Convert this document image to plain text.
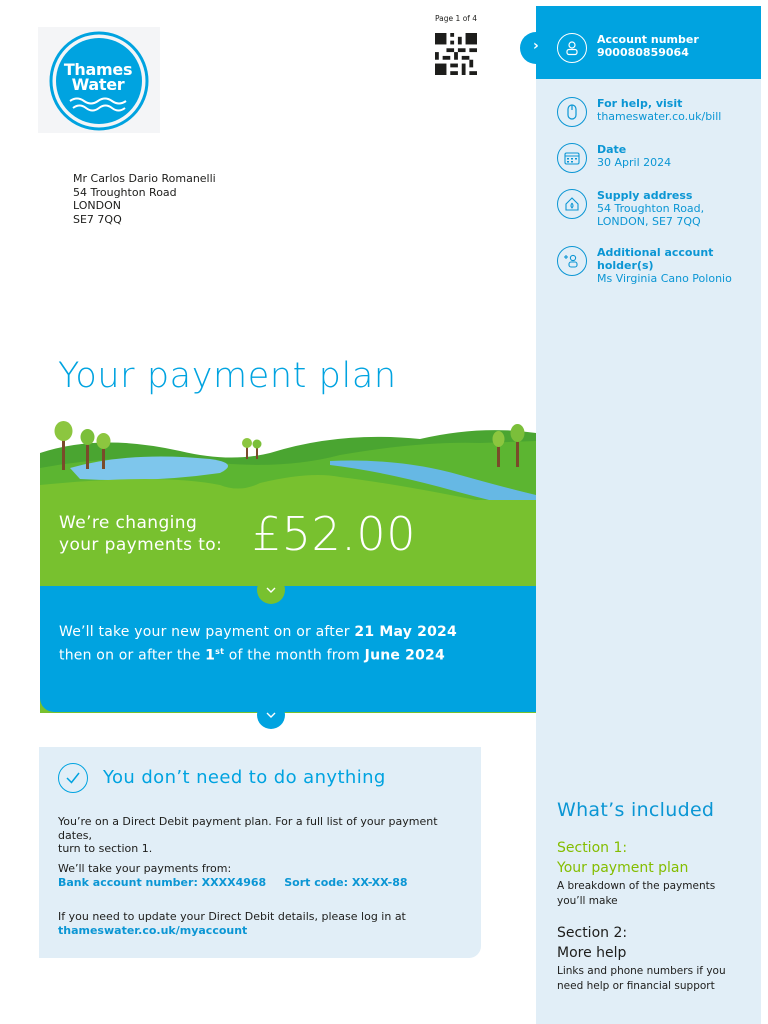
Thames
Water
Page 1 of 4
Mr Carlos Dario Romanelli
54 Troughton Road
LONDON
SE7 7QQ
›	Account number
900080859064
For help, visit
thameswater.co.uk/bill
Date
30 April 2024
Supply address
54 Troughton Road,
LONDON, SE7 7QQ
Additional account
holder(s)
Ms Virginia Cano Polonio
What’s included
Section 1:
Your payment plan
A breakdown of the payments
you’ll make
Section 2:
More help
Links and phone numbers if you
need help or financial support
Your payment plan
We’re changing
your payments to: £52.00
We’ll take your new payment on or after 21 May 2024
then on or after the 1st of the month from June 2024
You don’t need to do anything
You’re on a Direct Debit payment plan. For a full list of your payment dates,
turn to section 1.
We’ll take your payments from:
Bank account number: XXXX4968 Sort code: XX-XX-88
If you need to update your Direct Debit details, please log in at
thameswater.co.uk/myaccount
